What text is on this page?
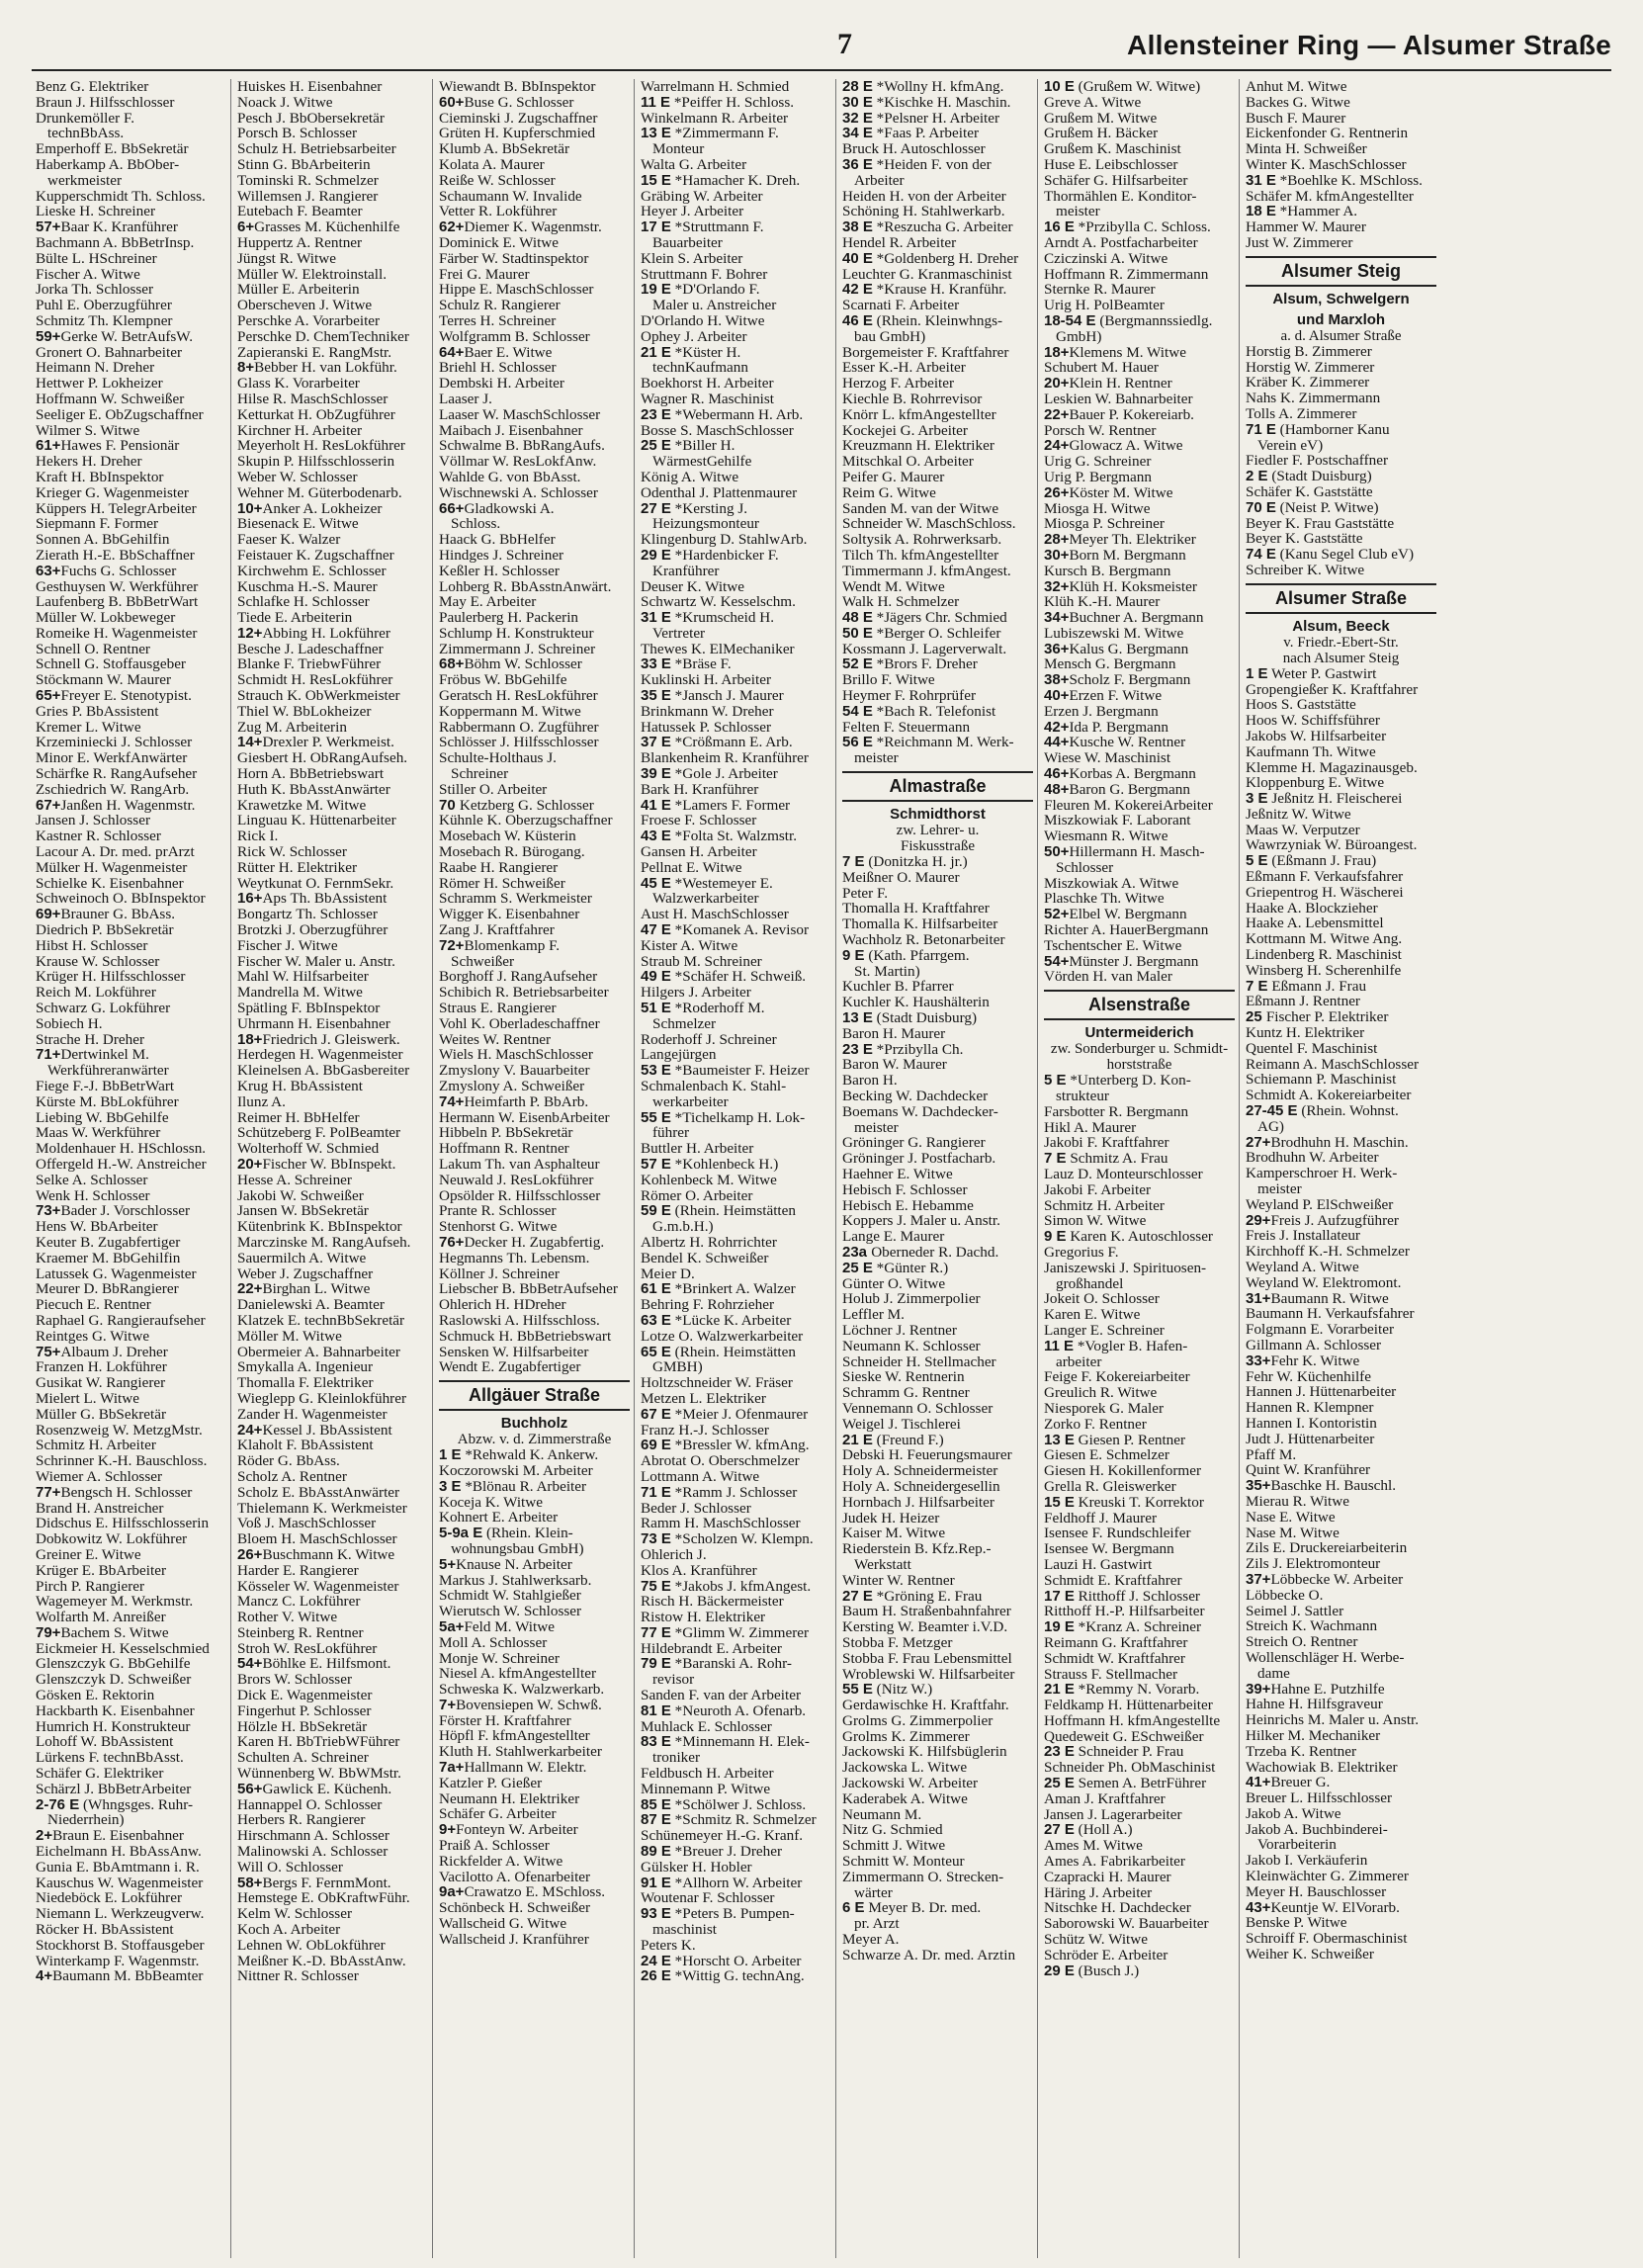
7	Allensteiner Ring — Alsumer Straße
Benz G. Elektriker
Braun J. Hilfsschlosser
Drunkemöller F.
technBbAss.
Emperhoff E. BbSekretär
Haberkamp A. BbOber-
werkmeister
Kupperschmidt Th. Schloss.
Lieske H. Schreiner
57+Baar K. Kranführer
Bachmann A. BbBetrInsp.
Bülte L. HSchreiner
Fischer A. Witwe
Jorka Th. Schlosser
Puhl E. Oberzugführer
Schmitz Th. Klempner
59+Gerke W. BetrAufsW.
Gronert O. Bahnarbeiter
Heimann N. Dreher
Hettwer P. Lokheizer
Hoffmann W. Schweißer
Seeliger E. ObZugschaffner
Wilmer S. Witwe
61+Hawes F. Pensionär
Hekers H. Dreher
Kraft H. BbInspektor
Krieger G. Wagenmeister
Küppers H. TelegrArbeiter
Siepmann F. Former
Sonnen A. BbGehilfin
Zierath H.-E. BbSchaffner
63+Fuchs G. Schlosser
Gesthuysen W. Werkführer
Laufenberg B. BbBetrWart
Müller W. Lokbeweger
Romeike H. Wagenmeister
Schnell O. Rentner
Schnell G. Stoffausgeber
Stöckmann W. Maurer
65+Freyer E. Stenotypist.
Gries P. BbAssistent
Kremer L. Witwe
Krzeminiecki J. Schlosser
Minor E. WerkfAnwärter
Schärfke R. RangAufseher
Zschiedrich W. RangArb.
67+Janßen H. Wagenmstr.
Jansen J. Schlosser
Kastner R. Schlosser
Lacour A. Dr. med. prArzt
Mülker H. Wagenmeister
Schielke K. Eisenbahner
Schweinoch O. BbInspektor
69+Brauner G. BbAss.
Diedrich P. BbSekretär
Hibst H. Schlosser
Krause W. Schlosser
Krüger H. Hilfsschlosser
Reich M. Lokführer
Schwarz G. Lokführer
Sobiech H.
Strache H. Dreher
71+Dertwinkel M.
Werkführeranwärter
Fiege F.-J. BbBetrWart
Kürste M. BbLokführer
Liebing W. BbGehilfe
Maas W. Werkführer
Moldenhauer H. HSchlossn.
Offergeld H.-W. Anstreicher
Selke A. Schlosser
Wenk H. Schlosser
73+Bader J. Vorschlosser
Hens W. BbArbeiter
Keuter B. Zugabfertiger
Kraemer M. BbGehilfin
Latussek G. Wagenmeister
Meurer D. BbRangierer
Piecuch E. Rentner
Raphael G. Rangieraufseher
Reintges G. Witwe
75+Albaum J. Dreher
Franzen H. Lokführer
Gusikat W. Rangierer
Mielert L. Witwe
Müller G. BbSekretär
Rosenzweig W. MetzgMstr.
Schmitz H. Arbeiter
Schrinner K.-H. Bauschloss.
Wiemer A. Schlosser
77+Bengsch H. Schlosser
Brand H. Anstreicher
Didschus E. Hilfsschlosserin
Dobkowitz W. Lokführer
Greiner E. Witwe
Krüger E. BbArbeiter
Pirch P. Rangierer
Wagemeyer M. Werkmstr.
Wolfarth M. Anreißer
79+Bachem S. Witwe
Eickmeier H. Kesselschmied
Glenszczyk G. BbGehilfe
Glenszczyk D. Schweißer
Gösken E. Rektorin
Hackbarth K. Eisenbahner
Humrich H. Konstrukteur
Lohoff W. BbAssistent
Lürkens F. technBbAsst.
Schäfer G. Elektriker
Schärzl J. BbBetrArbeiter
2-76 E (Whngsges. Ruhr-
Niederrhein)
2+Braun E. Eisenbahner
Eichelmann H. BbAssAnw.
Gunia E. BbAmtmann i. R.
Kauschus W. Wagenmeister
Niedeböck E. Lokführer
Niemann L. Werkzeugverw.
Röcker H. BbAssistent
Stockhorst B. Stoffausgeber
Winterkamp F. Wagenmstr.
4+Baumann M. BbBeamter
Huiskes H. Eisenbahner
Noack J. Witwe
Pesch J. BbObersekretär
Porsch B. Schlosser
Schulz H. Betriebsarbeiter
Stinn G. BbArbeiterin
Tominski R. Schmelzer
Willemsen J. Rangierer
Eutebach F. Beamter
6+Grasses M. Küchenhilfe
Huppertz A. Rentner
Jüngst R. Witwe
Müller W. Elektroinstall.
Müller E. Arbeiterin
Oberscheven J. Witwe
Perschke A. Vorarbeiter
Perschke D. ChemTechniker
Zapieranski E. RangMstr.
8+Bebber H. van Lokführ.
Glass K. Vorarbeiter
Hilse R. MaschSchlosser
Ketturkat H. ObZugführer
Kirchner H. Arbeiter
Meyerholt H. ResLokführer
Skupin P. Hilfsschlosserin
Weber W. Schlosser
Wehner M. Güterbodenarb.
10+Anker A. Lokheizer
Biesenack E. Witwe
Faeser K. Walzer
Feistauer K. Zugschaffner
Kirchwehm E. Schlosser
Kuschma H.-S. Maurer
Schlafke H. Schlosser
Tiede E. Arbeiterin
12+Abbing H. Lokführer
Besche J. Ladeschaffner
Blanke F. TriebwFührer
Schmidt H. ResLokführer
Strauch K. ObWerkmeister
Thiel W. BbLokheizer
Zug M. Arbeiterin
14+Drexler P. Werkmeist.
Giesbert H. ObRangAufseh.
Horn A. BbBetriebswart
Huth K. BbAsstAnwärter
Krawetzke M. Witwe
Linguau K. Hüttenarbeiter
Rick I.
Rick W. Schlosser
Rütter H. Elektriker
Weytkunat O. FernmSekr.
16+Aps Th. BbAssistent
Bongartz Th. Schlosser
Brotzki J. Oberzugführer
Fischer J. Witwe
Fischer W. Maler u. Anstr.
Mahl W. Hilfsarbeiter
Mandrella M. Witwe
Spätling F. BbInspektor
Uhrmann H. Eisenbahner
18+Friedrich J. Gleiswerk.
Herdegen H. Wagenmeister
Kleinelsen A. BbGasbereiter
Krug H. BbAssistent
Ilunz A.
Reimer H. BbHelfer
Schützeberg F. PolBeamter
Wolterhoff W. Schmied
20+Fischer W. BbInspekt.
Hesse A. Schreiner
Jakobi W. Schweißer
Jansen W. BbSekretär
Kütenbrink K. BbInspektor
Marczinske M. RangAufseh.
Sauermilch A. Witwe
Weber J. Zugschaffner
22+Birghan L. Witwe
Danielewski A. Beamter
Klatzek E. technBbSekretär
Möller M. Witwe
Obermeier A. Bahnarbeiter
Smykalla A. Ingenieur
Thomalla F. Elektriker
Wieglepp G. Kleinlokführer
Zander H. Wagenmeister
24+Kessel J. BbAssistent
Klaholt F. BbAssistent
Röder G. BbAss.
Scholz A. Rentner
Scholz E. BbAsstAnwärter
Thielemann K. Werkmeister
Voß J. MaschSchlosser
Bloem H. MaschSchlosser
26+Buschmann K. Witwe
Harder E. Rangierer
Kösseler W. Wagenmeister
Mancz C. Lokführer
Rother V. Witwe
Steinberg R. Rentner
Stroh W. ResLokführer
54+Böhlke E. Hilfsmont.
Brors W. Schlosser
Dick E. Wagenmeister
Fingerhut P. Schlosser
Hölzle H. BbSekretär
Karen H. BbTriebWFührer
Schulten A. Schreiner
Wünnenberg W. BbWMstr.
56+Gawlick E. Küchenh.
Hannappel O. Schlosser
Herbers R. Rangierer
Hirschmann A. Schlosser
Malinowski A. Schlosser
Will O. Schlosser
58+Bergs F. FernmMont.
Hemstege E. ObKraftwFühr.
Kelm W. Schlosser
Koch A. Arbeiter
Lehnen W. ObLokführer
Meißner K.-D. BbAsstAnw.
Nittner R. Schlosser
Wiewandt B. BbInspektor
60+Buse G. Schlosser
Cieminski J. Zugschaffner
Grüten H. Kupferschmied
Klumb A. BbSekretär
Kolata A. Maurer
Reiße W. Schlosser
Schaumann W. Invalide
Vetter R. Lokführer
62+Diemer K. Wagenmstr.
Dominick E. Witwe
Färber W. Stadtinspektor
Frei G. Maurer
Hippe E. MaschSchlosser
Schulz R. Rangierer
Terres H. Schreiner
Wolfgramm B. Schlosser
64+Baer E. Witwe
Briehl H. Schlosser
Dembski H. Arbeiter
Laaser J.
Laaser W. MaschSchlosser
Maibach J. Eisenbahner
Schwalme B. BbRangAufs.
Völlmar W. ResLokfAnw.
Wahlde G. von BbAsst.
Wischnewski A. Schlosser
66+Gladkowski A.
Schloss.
Haack G. BbHelfer
Hindges J. Schreiner
Keßler H. Schlosser
Lohberg R. BbAsstnAnwärt.
May E. Arbeiter
Paulerberg H. Packerin
Schlump H. Konstrukteur
Zimmermann J. Schreiner
68+Böhm W. Schlosser
Fröbus W. BbGehilfe
Geratsch H. ResLokführer
Koppermann M. Witwe
Rabbermann O. Zugführer
Schlösser J. Hilfsschlosser
Schulte-Holthaus J.
Schreiner
Stiller O. Arbeiter
70 Ketzberg G. Schlosser
Kühnle K. Oberzugschaffner
Mosebach W. Küsterin
Mosebach R. Bürogang.
Raabe H. Rangierer
Römer H. Schweißer
Schramm S. Werkmeister
Wigger K. Eisenbahner
Zang J. Kraftfahrer
72+Blomenkamp F.
Schweißer
Borghoff J. RangAufseher
Schibich R. Betriebsarbeiter
Straus E. Rangierer
Vohl K. Oberladeschaffner
Weites W. Rentner
Wiels H. MaschSchlosser
Zmyslony V. Bauarbeiter
Zmyslony A. Schweißer
74+Heimfarth P. BbArb.
Hermann W. EisenbArbeiter
Hibbeln P. BbSekretär
Hoffmann R. Rentner
Lakum Th. van Asphalteur
Neuwald J. ResLokführer
Opsölder R. Hilfsschlosser
Prante R. Schlosser
Stenhorst G. Witwe
76+Decker H. Zugabfertig.
Hegmanns Th. Lebensm.
Köllner J. Schreiner
Liebscher B. BbBetrAufseher
Ohlerich H. HDreher
Raslowski A. Hilfsschloss.
Schmuck H. BbBetriebswart
Sensken W. Hilfsarbeiter
Wendt E. Zugabfertiger
Allgäuer Straße
Buchholz
Abzw. v. d. Zimmerstraße
1 E *Rehwald K. Ankerw.
Koczorowski M. Arbeiter
3 E *Blönau R. Arbeiter
Koceja K. Witwe
Kohnert E. Arbeiter
5-9a E (Rhein. Klein-
wohnungsbau GmbH)
5+Knause N. Arbeiter
Markus J. Stahlwerksarb.
Schmidt W. Stahlgießer
Wierutsch W. Schlosser
5a+Feld M. Witwe
Moll A. Schlosser
Monje W. Schreiner
Niesel A. kfmAngestellter
Schweska K. Walzwerkarb.
7+Bovensiepen W. Schwß.
Förster H. Kraftfahrer
Höpfl F. kfmAngestellter
Kluth H. Stahlwerkarbeiter
7a+Hallmann W. Elektr.
Katzler P. Gießer
Neumann H. Elektriker
Schäfer G. Arbeiter
9+Fonteyn W. Arbeiter
Praiß A. Schlosser
Rickfelder A. Witwe
Vacilotto A. Ofenarbeiter
9a+Crawatzo E. MSchloss.
Schönbeck H. Schweißer
Wallscheid G. Witwe
Wallscheid J. Kranführer
Warrelmann H. Schmied
11 E *Peiffer H. Schloss.
Winkelmann R. Arbeiter
13 E *Zimmermann F.
Monteur
Walta G. Arbeiter
15 E *Hamacher K. Dreh.
Gräbing W. Arbeiter
Heyer J. Arbeiter
17 E *Struttmann F.
Bauarbeiter
Klein S. Arbeiter
Struttmann F. Bohrer
19 E *D'Orlando F.
Maler u. Anstreicher
D'Orlando H. Witwe
Ophey J. Arbeiter
21 E *Küster H.
technKaufmann
Boekhorst H. Arbeiter
Wagner R. Maschinist
23 E *Webermann H. Arb.
Bosse S. MaschSchlosser
25 E *Biller H.
WärmestGehilfe
König A. Witwe
Odenthal J. Plattenmaurer
27 E *Kersting J.
Heizungsmonteur
Klingenburg D. StahlwArb.
29 E *Hardenbicker F.
Kranführer
Deuser K. Witwe
Schwartz W. Kesselschm.
31 E *Krumscheid H.
Vertreter
Thewes K. ElMechaniker
33 E *Bräse F.
Kuklinski H. Arbeiter
35 E *Jansch J. Maurer
Brinkmann W. Dreher
Hatussek P. Schlosser
37 E *Crößmann E. Arb.
Blankenheim R. Kranführer
39 E *Gole J. Arbeiter
Bark H. Kranführer
41 E *Lamers F. Former
Froese F. Schlosser
43 E *Folta St. Walzmstr.
Gansen H. Arbeiter
Pellnat E. Witwe
45 E *Westemeyer E.
Walzwerkarbeiter
Aust H. MaschSchlosser
47 E *Komanek A. Revisor
Kister A. Witwe
Straub M. Schreiner
49 E *Schäfer H. Schweiß.
Hilgers J. Arbeiter
51 E *Roderhoff M.
Schmelzer
Roderhoff J. Schreiner
Langejürgen
53 E *Baumeister F. Heizer
Schmalenbach K. Stahl-
werkarbeiter
55 E *Tichelkamp H. Lok-
führer
Buttler H. Arbeiter
57 E *Kohlenbeck H.)
Kohlenbeck M. Witwe
Römer O. Arbeiter
59 E (Rhein. Heimstätten
G.m.b.H.)
Albertz H. Rohrrichter
Bendel K. Schweißer
Meier D.
61 E *Brinkert A. Walzer
Behring F. Rohrzieher
63 E *Lücke K. Arbeiter
Lotze O. Walzwerkarbeiter
65 E (Rhein. Heimstätten
GMBH)
Holtzschneider W. Fräser
Metzen L. Elektriker
67 E *Meier J. Ofenmaurer
Franz H.-J. Schlosser
69 E *Bressler W. kfmAng.
Abrotat O. Oberschmelzer
Lottmann A. Witwe
71 E *Ramm J. Schlosser
Beder J. Schlosser
Ramm H. MaschSchlosser
73 E *Scholzen W. Klempn.
Ohlerich J.
Klos A. Kranführer
75 E *Jakobs J. kfmAngest.
Risch H. Bäckermeister
Ristow H. Elektriker
77 E *Glimm W. Zimmerer
Hildebrandt E. Arbeiter
79 E *Baranski A. Rohr-
revisor
Sanden F. van der Arbeiter
81 E *Neuroth A. Ofenarb.
Muhlack E. Schlosser
83 E *Minnemann H. Elek-
troniker
Feldbusch H. Arbeiter
Minnemann P. Witwe
85 E *Schölwer J. Schloss.
87 E *Schmitz R. Schmelzer
Schünemeyer H.-G. Kranf.
89 E *Breuer J. Dreher
Gülsker H. Hobler
91 E *Allhorn W. Arbeiter
Woutenar F. Schlosser
93 E *Peters B. Pumpen-
maschinist
Peters K.
24 E *Horscht O. Arbeiter
26 E *Wittig G. technAng.
28 E *Wollny H. kfmAng.
30 E *Kischke H. Maschin.
32 E *Pelsner H. Arbeiter
34 E *Faas P. Arbeiter
Bruck H. Autoschlosser
36 E *Heiden F. von der
Arbeiter
Heiden H. von der Arbeiter
Schöning H. Stahlwerkarb.
38 E *Reszucha G. Arbeiter
Hendel R. Arbeiter
40 E *Goldenberg H. Dreher
Leuchter G. Kranmaschinist
42 E *Krause H. Kranführ.
Scarnati F. Arbeiter
46 E (Rhein. Kleinwhngs-
bau GmbH)
Borgemeister F. Kraftfahrer
Esser K.-H. Arbeiter
Herzog F. Arbeiter
Kiechle B. Rohrrevisor
Knörr L. kfmAngestellter
Kockejei G. Arbeiter
Kreuzmann H. Elektriker
Mitschkal O. Arbeiter
Peifer G. Maurer
Reim G. Witwe
Sanden M. van der Witwe
Schneider W. MaschSchloss.
Soltysik A. Rohrwerksarb.
Tilch Th. kfmAngestellter
Timmermann J. kfmAngest.
Wendt M. Witwe
Walk H. Schmelzer
48 E *Jägers Chr. Schmied
50 E *Berger O. Schleifer
Kossmann J. Lagerverwalt.
52 E *Brors F. Dreher
Brillo F. Witwe
Heymer F. Rohrprüfer
54 E *Bach R. Telefonist
Felten F. Steuermann
56 E *Reichmann M. Werk-
meister
Almastraße
Schmidthorst
zw. Lehrer- u.
Fiskusstraße
7 E (Donitzka H. jr.)
Meißner O. Maurer
Peter F.
Thomalla H. Kraftfahrer
Thomalla K. Hilfsarbeiter
Wachholz R. Betonarbeiter
9 E (Kath. Pfarrgem.
St. Martin)
Kuchler B. Pfarrer
Kuchler K. Haushälterin
13 E (Stadt Duisburg)
Baron H. Maurer
23 E *Przibylla Ch.
Baron W. Maurer
Baron H.
Becking W. Dachdecker
Boemans W. Dachdecker-
meister
Gröninger G. Rangierer
Gröninger J. Postfacharb.
Haehner E. Witwe
Hebisch F. Schlosser
Hebisch E. Hebamme
Koppers J. Maler u. Anstr.
Lange E. Maurer
23a Oberneder R. Dachd.
25 E *Günter R.)
Günter O. Witwe
Holub J. Zimmerpolier
Leffler M.
Löchner J. Rentner
Neumann K. Schlosser
Schneider H. Stellmacher
Sieske W. Rentnerin
Schramm G. Rentner
Vennemann O. Schlosser
Weigel J. Tischlerei
21 E (Freund F.)
Debski H. Feuerungsmaurer
Holy A. Schneidermeister
Holy A. Schneidergesellin
Hornbach J. Hilfsarbeiter
Judek H. Heizer
Kaiser M. Witwe
Riederstein B. Kfz.Rep.-
Werkstatt
Winter W. Rentner
27 E *Gröning E. Frau
Baum H. Straßenbahnfahrer
Kersting W. Beamter i.V.D.
Stobba F. Metzger
Stobba F. Frau Lebensmittel
Wroblewski W. Hilfsarbeiter
55 E (Nitz W.)
Gerdawischke H. Kraftfahr.
Grolms G. Zimmerpolier
Grolms K. Zimmerer
Jackowski K. Hilfsbüglerin
Jackowska L. Witwe
Jackowski W. Arbeiter
Kaderabek A. Witwe
Neumann M.
Nitz G. Schmied
Schmitt J. Witwe
Schmitt W. Monteur
Zimmermann O. Strecken-
wärter
6 E Meyer B. Dr. med.
pr. Arzt
Meyer A.
Schwarze A. Dr. med. Arztin
10 E (Grußem W. Witwe)
Greve A. Witwe
Grußem M. Witwe
Grußem H. Bäcker
Grußem K. Maschinist
Huse E. Leibschlosser
Schäfer G. Hilfsarbeiter
Thormählen E. Konditor-
meister
16 E *Przibylla C. Schloss.
Arndt A. Postfacharbeiter
Cziczinski A. Witwe
Hoffmann R. Zimmermann
Sternke R. Maurer
Urig H. PolBeamter
18-54 E (Bergmannssiedlg.
GmbH)
18+Klemens M. Witwe
Schubert M. Hauer
20+Klein H. Rentner
Leskien W. Bahnarbeiter
22+Bauer P. Kokereiarb.
Porsch W. Rentner
24+Glowacz A. Witwe
Urig G. Schreiner
Urig P. Bergmann
26+Köster M. Witwe
Miosga H. Witwe
Miosga P. Schreiner
28+Meyer Th. Elektriker
30+Born M. Bergmann
Kursch B. Bergmann
32+Klüh H. Koksmeister
Klüh K.-H. Maurer
34+Buchner A. Bergmann
Lubiszewski M. Witwe
36+Kalus G. Bergmann
Mensch G. Bergmann
38+Scholz F. Bergmann
40+Erzen F. Witwe
Erzen J. Bergmann
42+Ida P. Bergmann
44+Kusche W. Rentner
Wiese W. Maschinist
46+Korbas A. Bergmann
48+Baron G. Bergmann
Fleuren M. KokereiArbeiter
Miszkowiak F. Laborant
Wiesmann R. Witwe
50+Hillermann H. Masch-
Schlosser
Miszkowiak A. Witwe
Plaschke Th. Witwe
52+Elbel W. Bergmann
Richter A. HauerBergmann
Tschentscher E. Witwe
54+Münster J. Bergmann
Vörden H. van Maler
Alsenstraße
Untermeiderich
zw. Sonderburger u. Schmidt-
horststraße
5 E *Unterberg D. Kon-
strukteur
Farsbotter R. Bergmann
Hikl A. Maurer
Jakobi F. Kraftfahrer
7 E Schmitz A. Frau
Lauz D. Monteurschlosser
Jakobi F. Arbeiter
Schmitz H. Arbeiter
Simon W. Witwe
9 E Karen K. Autoschlosser
Gregorius F.
Janiszewski J. Spirituosen-
großhandel
Jokeit O. Schlosser
Karen E. Witwe
Langer E. Schreiner
11 E *Vogler B. Hafen-
arbeiter
Feige F. Kokereiarbeiter
Greulich R. Witwe
Niesporek G. Maler
Zorko F. Rentner
13 E Giesen P. Rentner
Giesen E. Schmelzer
Giesen H. Kokillenformer
Grella R. Gleiswerker
15 E Kreuski T. Korrektor
Feldhoff J. Maurer
Isensee F. Rundschleifer
Isensee W. Bergmann
Lauzi H. Gastwirt
Schmidt E. Kraftfahrer
17 E Ritthoff J. Schlosser
Ritthoff H.-P. Hilfsarbeiter
19 E *Kranz A. Schreiner
Reimann G. Kraftfahrer
Schmidt W. Kraftfahrer
Strauss F. Stellmacher
21 E *Remmy N. Vorarb.
Feldkamp H. Hüttenarbeiter
Hoffmann H. kfmAngestellte
Quedeweit G. ESchweißer
23 E Schneider P. Frau
Schneider Ph. ObMaschinist
25 E Semen A. BetrFührer
Aman J. Kraftfahrer
Jansen J. Lagerarbeiter
27 E (Holl A.)
Ames M. Witwe
Ames A. Fabrikarbeiter
Czapracki H. Maurer
Häring J. Arbeiter
Nitschke H. Dachdecker
Saborowski W. Bauarbeiter
Schütz W. Witwe
Schröder E. Arbeiter
29 E (Busch J.)
Anhut M. Witwe
Backes G. Witwe
Busch F. Maurer
Eickenfonder G. Rentnerin
Minta H. Schweißer
Winter K. MaschSchlosser
31 E *Boehlke K. MSchloss.
Schäfer M. kfmAngestellter
18 E *Hammer A.
Hammer W. Maurer
Just W. Zimmerer
Alsumer Steig
Alsum, Schwelgern
und Marxloh
a. d. Alsumer Straße
Horstig B. Zimmerer
Horstig W. Zimmerer
Kräber K. Zimmerer
Nahs K. Zimmermann
Tolls A. Zimmerer
71 E (Hamborner Kanu
Verein eV)
Fiedler F. Postschaffner
2 E (Stadt Duisburg)
Schäfer K. Gaststätte
70 E (Neist P. Witwe)
Beyer K. Frau Gaststätte
Beyer K. Gaststätte
74 E (Kanu Segel Club eV)
Schreiber K. Witwe
Alsumer Straße
Alsum, Beeck
v. Friedr.-Ebert-Str.
nach Alsumer Steig
1 E Weter P. Gastwirt
Gropengießer K. Kraftfahrer
Hoos S. Gaststätte
Hoos W. Schiffsführer
Jakobs W. Hilfsarbeiter
Kaufmann Th. Witwe
Klemme H. Magazinausgeb.
Kloppenburg E. Witwe
3 E Jeßnitz H. Fleischerei
Jeßnitz W. Witwe
Maas W. Verputzer
Wawrzyniak W. Büroangest.
5 E (Eßmann J. Frau)
Eßmann F. Verkaufsfahrer
Griepentrog H. Wäscherei
Haake A. Blockzieher
Haake A. Lebensmittel
Kottmann M. Witwe Ang.
Lindenberg R. Maschinist
Winsberg H. Scherenhilfe
7 E Eßmann J. Frau
Eßmann J. Rentner
25 Fischer P. Elektriker
Kuntz H. Elektriker
Quentel F. Maschinist
Reimann A. MaschSchlosser
Schiemann P. Maschinist
Schmidt A. Kokereiarbeiter
27-45 E (Rhein. Wohnst.
AG)
27+Brodhuhn H. Maschin.
Brodhuhn W. Arbeiter
Kamperschroer H. Werk-
meister
Weyland P. ElSchweißer
29+Freis J. Aufzugführer
Freis J. Installateur
Kirchhoff K.-H. Schmelzer
Weyland A. Witwe
Weyland W. Elektromont.
31+Baumann R. Witwe
Baumann H. Verkaufsfahrer
Folgmann E. Vorarbeiter
Gillmann A. Schlosser
33+Fehr K. Witwe
Fehr W. Küchenhilfe
Hannen J. Hüttenarbeiter
Hannen R. Klempner
Hannen I. Kontoristin
Judt J. Hüttenarbeiter
Pfaff M.
Quint W. Kranführer
35+Baschke H. Bauschl.
Mierau R. Witwe
Nase E. Witwe
Nase M. Witwe
Zils E. Druckereiarbeiterin
Zils J. Elektromonteur
37+Löbbecke W. Arbeiter
Löbbecke O.
Seimel J. Sattler
Streich K. Wachmann
Streich O. Rentner
Wollenschläger H. Werbe-
dame
39+Hahne E. Putzhilfe
Hahne H. Hilfsgraveur
Heinrichs M. Maler u. Anstr.
Hilker M. Mechaniker
Trzeba K. Rentner
Wachowiak B. Elektriker
41+Breuer G.
Breuer L. Hilfsschlosser
Jakob A. Witwe
Jakob A. Buchbinderei-
Vorarbeiterin
Jakob I. Verkäuferin
Kleinwächter G. Zimmerer
Meyer H. Bauschlosser
43+Keuntje W. ElVorarb.
Benske P. Witwe
Schroiff F. Obermaschinist
Weiher K. Schweißer
